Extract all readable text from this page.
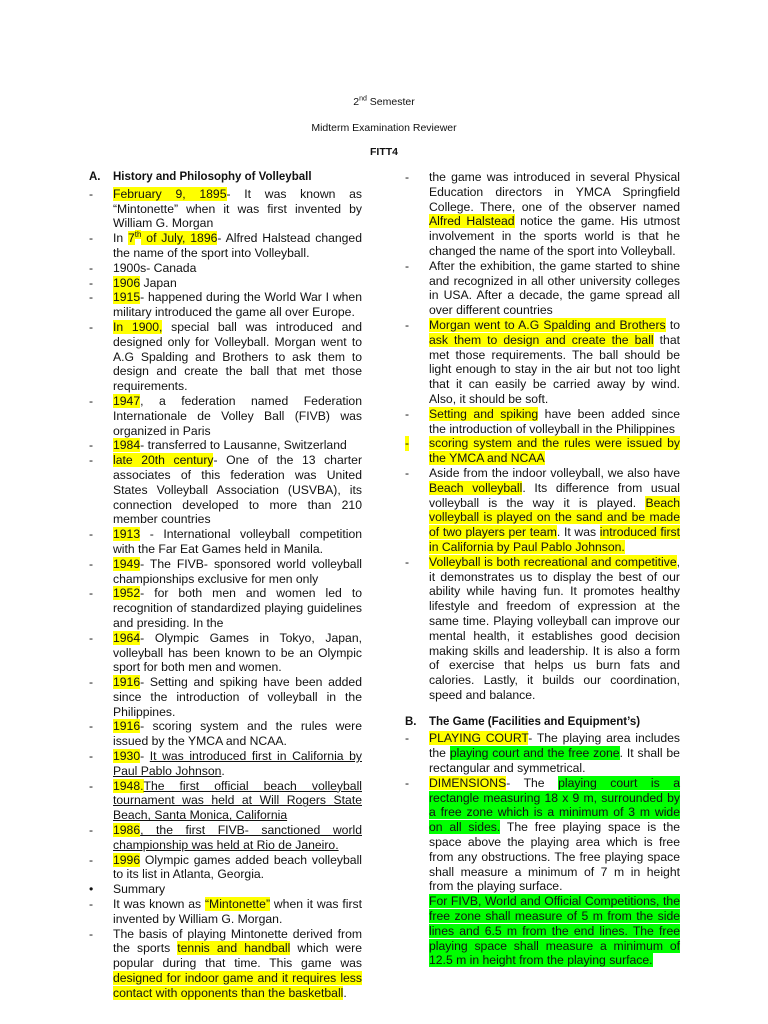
2nd Semester
Midterm Examination Reviewer
FITT4
A. History and Philosophy of Volleyball
- February 9, 1895- It was known as “Mintonette” when it was first invented by William G. Morgan
- In 7th of July, 1896- Alfred Halstead changed the name of the sport into Volleyball.
- 1900s- Canada
- 1906 Japan
- 1915- happened during the World War I when military introduced the game all over Europe.
- In 1900, special ball was introduced and designed only for Volleyball. Morgan went to A.G Spalding and Brothers to ask them to design and create the ball that met those requirements.
- 1947, a federation named Federation Internationale de Volley Ball (FIVB) was organized in Paris
- 1984- transferred to Lausanne, Switzerland
- late 20th century- One of the 13 charter associates of this federation was United States Volleyball Association (USVBA), its connection developed to more than 210 member countries
- 1913 - International volleyball competition with the Far Eat Games held in Manila.
- 1949- The FIVB- sponsored world volleyball championships exclusive for men only
- 1952- for both men and women led to recognition of standardized playing guidelines and presiding. In the
- 1964- Olympic Games in Tokyo, Japan, volleyball has been known to be an Olympic sport for both men and women.
- 1916- Setting and spiking have been added since the introduction of volleyball in the Philippines.
- 1916- scoring system and the rules were issued by the YMCA and NCAA.
- 1930- It was introduced first in California by Paul Pablo Johnson.
- 1948.The first official beach volleyball tournament was held at Will Rogers State Beach, Santa Monica, California
- 1986, the first FIVB- sanctioned world championship was held at Rio de Janeiro.
- 1996 Olympic games added beach volleyball to its list in Atlanta, Georgia.
• Summary
- It was known as “Mintonette” when it was first invented by William G. Morgan.
- The basis of playing Mintonette derived from the sports tennis and handball which were popular during that time. This game was designed for indoor game and it requires less contact with opponents than the basketball.
- the game was introduced in several Physical Education directors in YMCA Springfield College. There, one of the observer named Alfred Halstead notice the game. His utmost involvement in the sports world is that he changed the name of the sport into Volleyball.
- After the exhibition, the game started to shine and recognized in all other university colleges in USA. After a decade, the game spread all over different countries
- Morgan went to A.G Spalding and Brothers to ask them to design and create the ball that met those requirements. The ball should be light enough to stay in the air but not too light that it can easily be carried away by wind. Also, it should be soft.
- Setting and spiking have been added since the introduction of volleyball in the Philippines
- scoring system and the rules were issued by the YMCA and NCAA
- Aside from the indoor volleyball, we also have Beach volleyball. Its difference from usual volleyball is the way it is played. Beach volleyball is played on the sand and be made of two players per team. It was introduced first in California by Paul Pablo Johnson.
- Volleyball is both recreational and competitive, it demonstrates us to display the best of our ability while having fun. It promotes healthy lifestyle and freedom of expression at the same time. Playing volleyball can improve our mental health, it establishes good decision making skills and leadership. It is also a form of exercise that helps us burn fats and calories. Lastly, it builds our coordination, speed and balance.
B. The Game (Facilities and Equipment’s)
- PLAYING COURT- The playing area includes the playing court and the free zone. It shall be rectangular and symmetrical.
- DIMENSIONS- The playing court is a rectangle measuring 18 x 9 m, surrounded by a free zone which is a minimum of 3 m wide on all sides. The free playing space is the space above the playing area which is free from any obstructions. The free playing space shall measure a minimum of 7 m in height from the playing surface.
For FIVB, World and Official Competitions, the free zone shall measure of 5 m from the side lines and 6.5 m from the end lines. The free playing space shall measure a minimum of 12.5 m in height from the playing surface.
